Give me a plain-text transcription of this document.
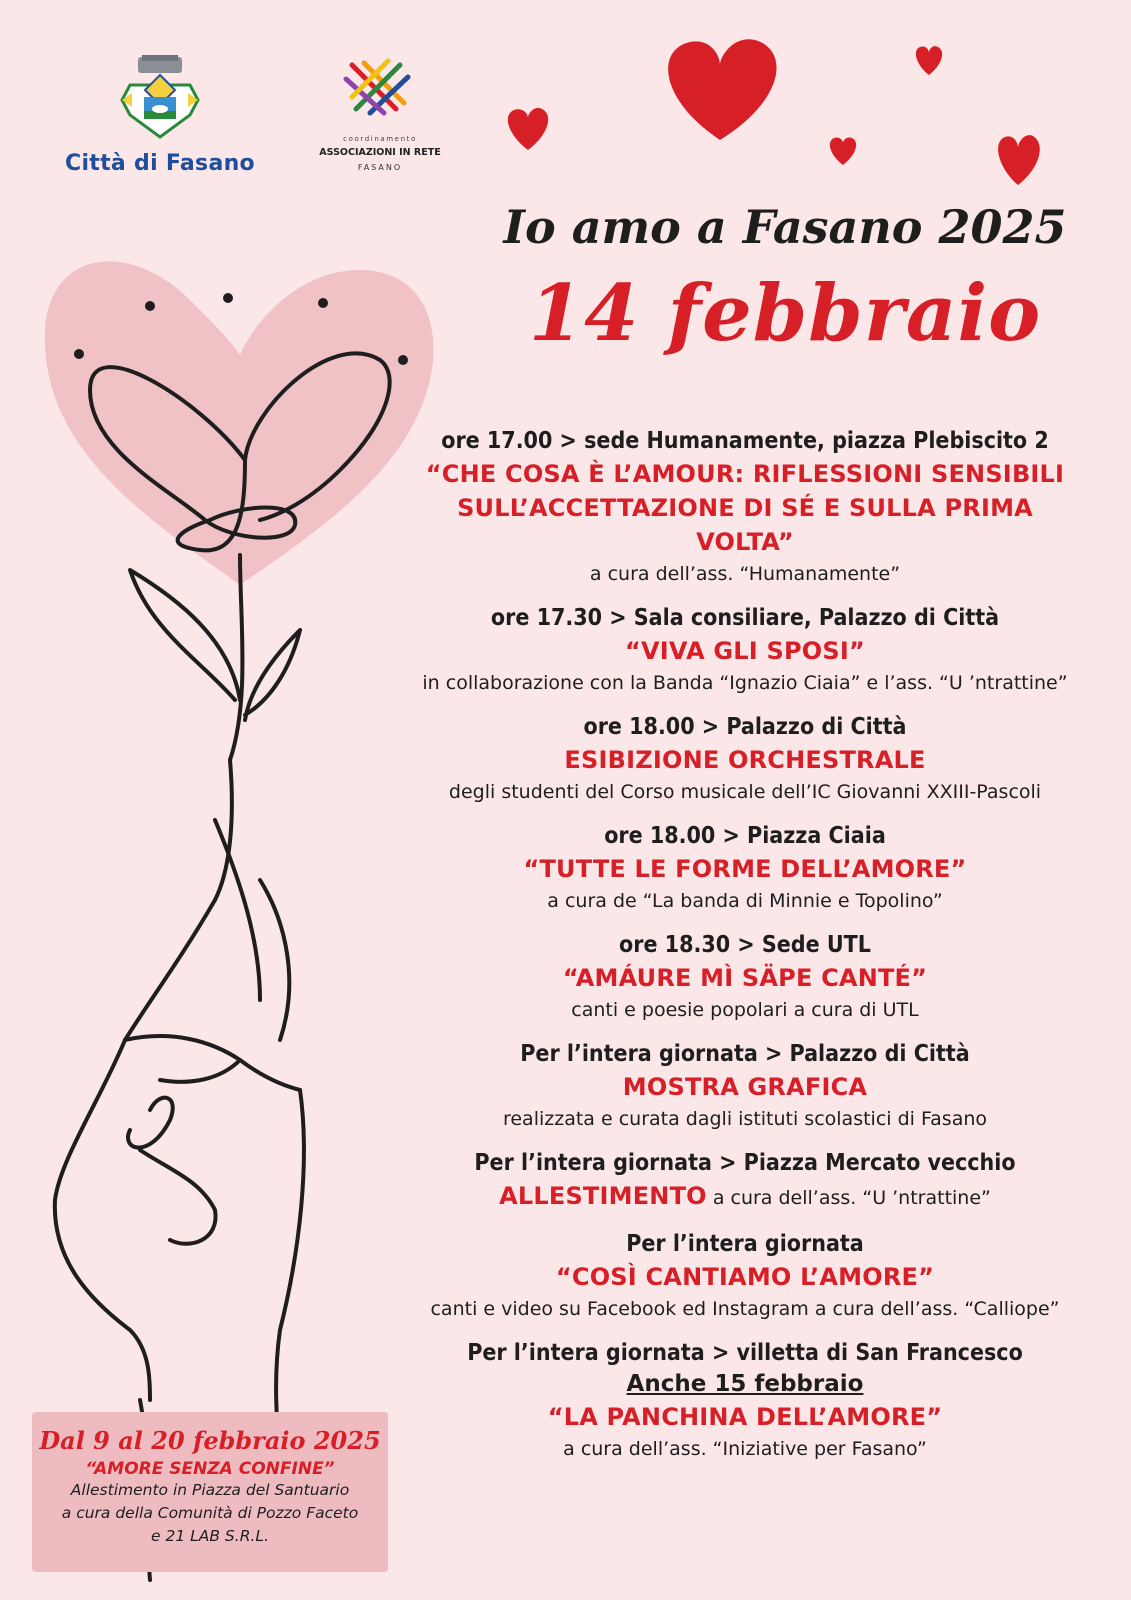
Città di Fasano
coordinamento
ASSOCIAZIONI IN RETE
FASANO
Io amo a Fasano 2025
14 febbraio
ore 17.00 > sede Humanamente, piazza Plebiscito 2
“CHE COSA È L’AMOUR: RIFLESSIONI SENSIBILI SULL’ACCETTAZIONE DI SÉ E SULLA PRIMA VOLTA”
a cura dell’ass. “Humanamente”
ore 17.30 > Sala consiliare, Palazzo di Città
“VIVA GLI SPOSI”
in collaborazione con la Banda “Ignazio Ciaia” e l’ass. “U ’ntrattine”
ore 18.00 > Palazzo di Città
ESIBIZIONE ORCHESTRALE
degli studenti del Corso musicale dell’IC Giovanni XXIII-Pascoli
ore 18.00 > Piazza Ciaia
“TUTTE LE FORME DELL’AMORE”
a cura de “La banda di Minnie e Topolino”
ore 18.30 > Sede UTL
“AMÁURE MÌ SÄPE CANTÉ”
canti e poesie popolari a cura di UTL
Per l’intera giornata > Palazzo di Città
MOSTRA GRAFICA
realizzata e curata dagli istituti scolastici di Fasano
Per l’intera giornata > Piazza Mercato vecchio
ALLESTIMENTO a cura dell’ass. “U ’ntrattine”
Per l’intera giornata
“COSÌ CANTIAMO L’AMORE”
canti e video su Facebook ed Instagram a cura dell’ass. “Calliope”
Per l’intera giornata > villetta di San Francesco
Anche 15 febbraio
“LA PANCHINA DELL’AMORE”
a cura dell’ass. “Iniziative per Fasano”
Dal 9 al 20 febbraio 2025
“AMORE SENZA CONFINE”
Allestimento in Piazza del Santuario
a cura della Comunità di Pozzo Faceto
e 21 LAB S.R.L.
